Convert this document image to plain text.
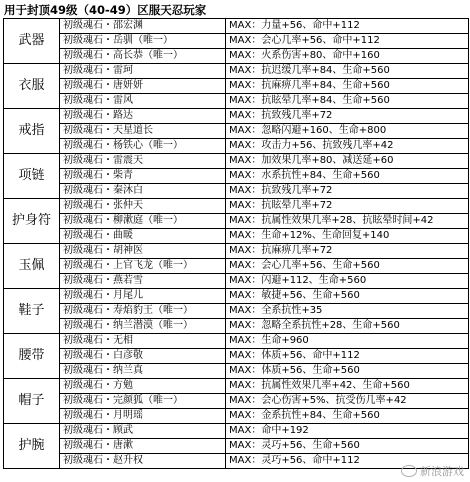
用于封顶49级（40-49）区服天忍玩家
武器	初级魂石・邵宏渊	MAX：力量+56、命中+112
	初级魂石・岳驯（唯一）	MAX：会心几率+56、命中+112
	初级魂石・高长恭（唯一）	MAX：火系伤害+80、命中+160
衣服	初级魂石・雷珂	MAX：抗迟缓几率+84、生命+560
	初级魂石・唐妍妍	MAX：抗麻痹几率+84、生命+560
	初级魂石・雷风	MAX：抗眩晕几率+84、生命+560
戒指	初级魂石・路达	MAX：抗致残几率+72
	初级魂石・天星道长	MAX：忽略闪避+160、生命+800
	初级魂石・杨铁心（唯一）	MAX：攻击力+56、抗致残几率+42
项链	初级魂石・雷震天	MAX：加效果几率+80、减送延+60
	初级魂石・柴青	MAX：水系抗性+84、生命+560
	初级魂石・秦沐白	MAX：抗致残几率+72
护身符	初级魂石・张仲天	MAX：抗眩晕几率+72
	初级魂石・柳漱庭（唯一）	MAX：抗属性效果几率+28、抗眩晕时间+42
	初级魂石・曲暖	MAX：生命+12%、生命回复+140
玉佩	初级魂石・胡神医	MAX：抗麻痹几率+72
	初级魂石・上官飞龙（唯一）	MAX：会心几率+56、生命+560
	初级魂石・燕若雪	MAX：闪避+112、生命+560
鞋子	初级魂石・月尾儿	MAX：敏捷+56、生命+560
	初级魂石・寿焰豹王（唯一）	MAX：全系抗性+35
	初级魂石・纳兰潜漠（唯一）	MAX：忽略全系抗性+28、生命+560
腰带	初级魂石・无相	MAX：生命+960
	初级魂石・白彦敬	MAX：体质+56、命中+112
	初级魂石・纳兰真	MAX：体质+56、生命+560
帽子	初级魂石・方勉	MAX：抗属性效果几率+42、生命+560
	初级魂石・完颜狐（唯一）	MAX：会心伤害+5%、抗受伤几率+42
	初级魂石・月明瑶	MAX：金系抗性+84、生命+560
护腕	初级魂石・顾武	MAX：命中+192
	初级魂石・唐漱	MAX：灵巧+56、生命+560
	初级魂石・赵升权	MAX：灵巧+56、命中+112
新浪游戏
